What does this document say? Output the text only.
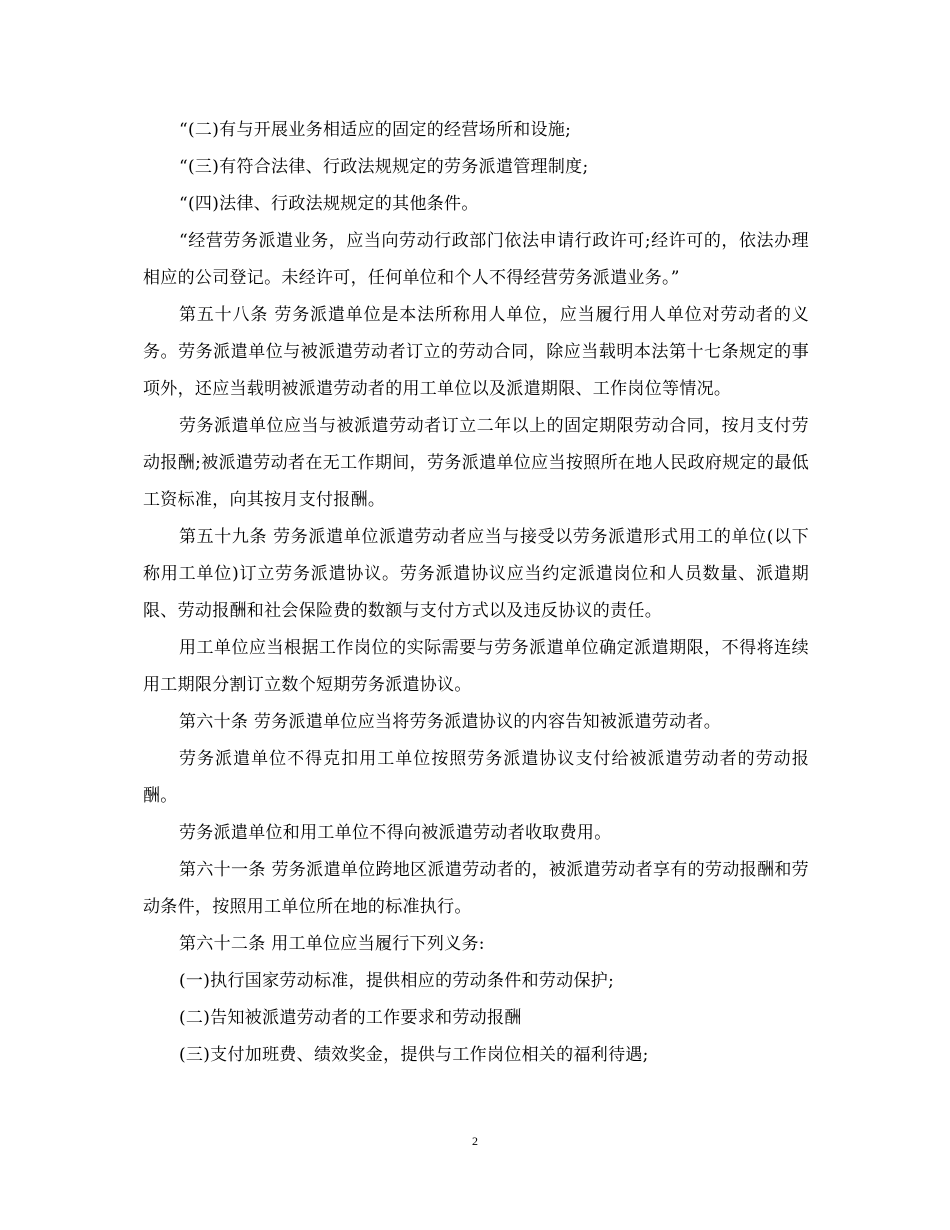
“(二)有与开展业务相适应的固定的经营场所和设施;

“(三)有符合法律、行政法规规定的劳务派遣管理制度;

“(四)法律、行政法规规定的其他条件。

“经营劳务派遣业务，应当向劳动行政部门依法申请行政许可;经许可的，依法办理相应的公司登记。未经许可，任何单位和个人不得经营劳务派遣业务。”

第五十八条 劳务派遣单位是本法所称用人单位，应当履行用人单位对劳动者的义务。劳务派遣单位与被派遣劳动者订立的劳动合同，除应当载明本法第十七条规定的事项外，还应当载明被派遣劳动者的用工单位以及派遣期限、工作岗位等情况。

劳务派遣单位应当与被派遣劳动者订立二年以上的固定期限劳动合同，按月支付劳动报酬;被派遣劳动者在无工作期间，劳务派遣单位应当按照所在地人民政府规定的最低工资标准，向其按月支付报酬。

第五十九条 劳务派遣单位派遣劳动者应当与接受以劳务派遣形式用工的单位(以下称用工单位)订立劳务派遣协议。劳务派遣协议应当约定派遣岗位和人员数量、派遣期限、劳动报酬和社会保险费的数额与支付方式以及违反协议的责任。

用工单位应当根据工作岗位的实际需要与劳务派遣单位确定派遣期限，不得将连续用工期限分割订立数个短期劳务派遣协议。

第六十条 劳务派遣单位应当将劳务派遣协议的内容告知被派遣劳动者。

劳务派遣单位不得克扣用工单位按照劳务派遣协议支付给被派遣劳动者的劳动报酬。

劳务派遣单位和用工单位不得向被派遣劳动者收取费用。

第六十一条 劳务派遣单位跨地区派遣劳动者的，被派遣劳动者享有的劳动报酬和劳动条件，按照用工单位所在地的标准执行。

第六十二条 用工单位应当履行下列义务:

(一)执行国家劳动标准，提供相应的劳动条件和劳动保护;

(二)告知被派遣劳动者的工作要求和劳动报酬

(三)支付加班费、绩效奖金，提供与工作岗位相关的福利待遇;

2
